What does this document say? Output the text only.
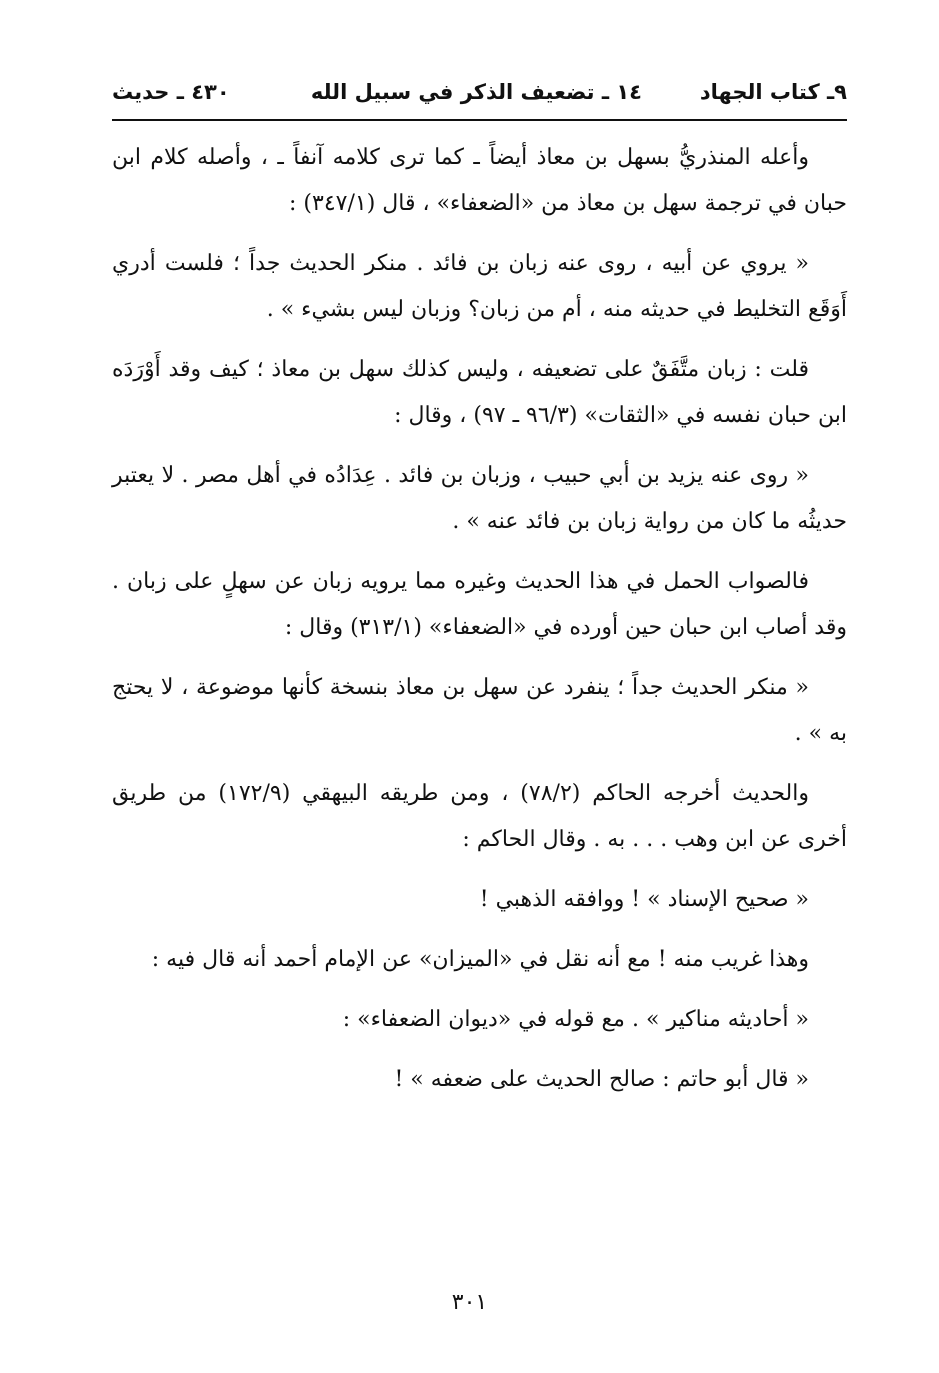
٩ـ كتاب الجهاد
١٤ ـ تضعيف الذكر في سبيل الله
٤٣٠ ـ حديث

وأعله المنذريُّ بسهل بن معاذ أيضاً ـ كما ترى كلامه آنفاً ـ ، وأصله كلام ابن حبان في ترجمة سهل بن معاذ من «الضعفاء» ، قال (٣٤٧/١) :

« يروي عن أبيه ، روى عنه زبان بن فائد . منكر الحديث جداً ؛ فلست أدري أَوَقَع التخليط في حديثه منه ، أم من زبان؟ وزبان ليس بشيء » .

قلت : زبان متَّفَقٌ على تضعيفه ، وليس كذلك سهل بن معاذ ؛ كيف وقد أَوْرَدَه ابن حبان نفسه في «الثقات» (٩٦/٣ ـ ٩٧) ، وقال :

« روى عنه يزيد بن أبي حبيب ، وزبان بن فائد . عِدَادُه في أهل مصر . لا يعتبر حديثُه ما كان من رواية زبان بن فائد عنه » .

فالصواب الحمل في هذا الحديث وغيره مما يرويه زبان عن سهلٍ على زبان . وقد أصاب ابن حبان حين أورده في «الضعفاء» (٣١٣/١) وقال :

« منكر الحديث جداً ؛ ينفرد عن سهل بن معاذ بنسخة كأنها موضوعة ، لا يحتج به » .

والحديث أخرجه الحاكم (٧٨/٢) ، ومن طريقه البيهقي (١٧٢/٩) من طريق أخرى عن ابن وهب . . . به . وقال الحاكم :

« صحيح الإسناد » ! ووافقه الذهبي !

وهذا غريب منه ! مع أنه نقل في «الميزان» عن الإمام أحمد أنه قال فيه :

« أحاديثه مناكير » . مع قوله في «ديوان الضعفاء» :

« قال أبو حاتم : صالح الحديث على ضعفه » !

٣٠١
